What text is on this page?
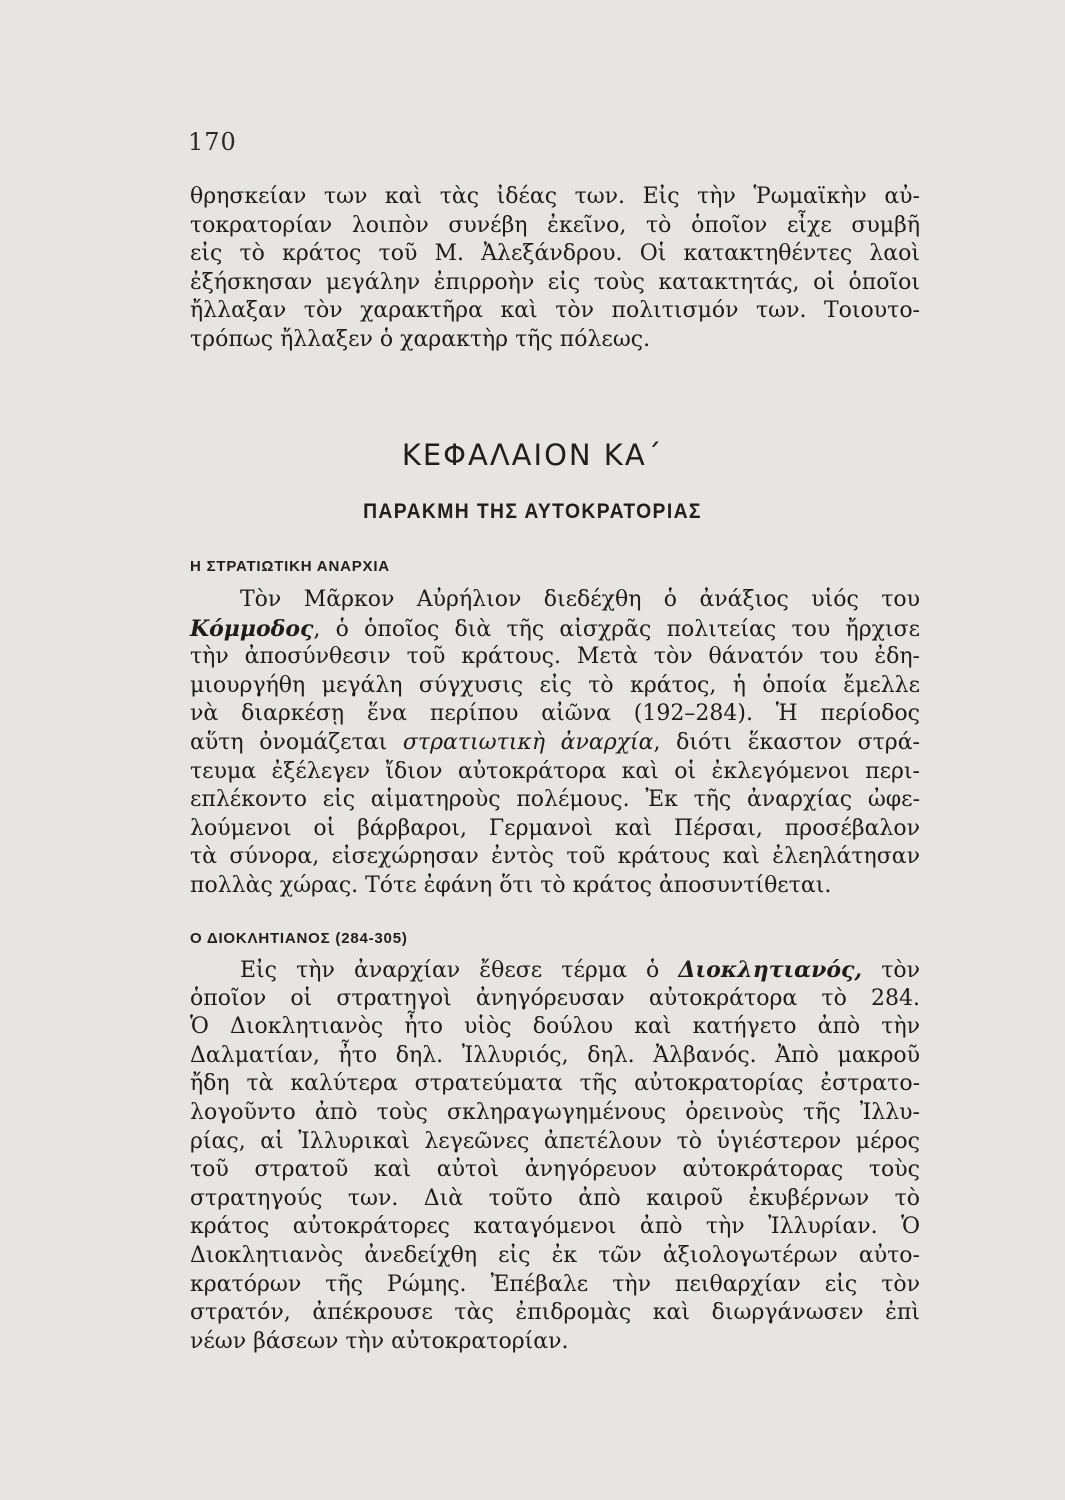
170
θρησκείαν των καὶ τὰς ἰδέας των. Εἰς τὴν Ῥωμαϊκὴν αὐ-
τοκρατορίαν λοιπὸν συνέβη ἐκεῖνο, τὸ ὁποῖον εἶχε συμβῆ
εἰς τὸ κράτος τοῦ Μ. Ἀλεξάνδρου. Οἱ κατακτηθέντες λαοὶ
ἐξήσκησαν μεγάλην ἐπιρροὴν εἰς τοὺς κατακτητάς, οἱ ὁποῖοι
ἤλλαξαν τὸν χαρακτῆρα καὶ τὸν πολιτισμόν των. Τοιουτο-
τρόπως ἤλλαξεν ὁ χαρακτὴρ τῆς πόλεως.
ΚΕΦΑΛΑΙΟΝ ΚΑ΄
ΠΑΡΑΚΜΗ ΤΗΣ ΑΥΤΟΚΡΑΤΟΡΙΑΣ
Η ΣΤΡΑΤΙΩΤΙΚΗ ΑΝΑΡΧΙΑ
Τὸν Μᾶρκον Αὐρήλιον διεδέχθη ὁ ἀνάξιος υἱός του
Κόμμοδος, ὁ ὁποῖος διὰ τῆς αἰσχρᾶς πολιτείας του ἤρχισε
τὴν ἀποσύνθεσιν τοῦ κράτους. Μετὰ τὸν θάνατόν του ἐδη-
μιουργήθη μεγάλη σύγχυσις εἰς τὸ κράτος, ἡ ὁποία ἔμελλε
νὰ διαρκέσῃ ἕνα περίπου αἰῶνα (192–284). Ἡ περίοδος
αὕτη ὀνομάζεται στρατιωτικὴ ἀναρχία, διότι ἕκαστον στρά-
τευμα ἐξέλεγεν ἴδιον αὐτοκράτορα καὶ οἱ ἐκλεγόμενοι περι-
επλέκοντο εἰς αἱματηροὺς πολέμους. Ἐκ τῆς ἀναρχίας ὠφε-
λούμενοι οἱ βάρβαροι, Γερμανοὶ καὶ Πέρσαι, προσέβαλον
τὰ σύνορα, εἰσεχώρησαν ἐντὸς τοῦ κράτους καὶ ἐλεηλάτησαν
πολλὰς χώρας. Τότε ἐφάνη ὅτι τὸ κράτος ἀποσυντίθεται.
Ο ΔΙΟΚΛΗΤΙΑΝΟΣ (284-305)
Εἰς τὴν ἀναρχίαν ἔθεσε τέρμα ὁ Διοκλητιανός, τὸν
ὁποῖον οἱ στρατηγοὶ ἀνηγόρευσαν αὐτοκράτορα τὸ 284.
Ὁ Διοκλητιανὸς ἦτο υἱὸς δούλου καὶ κατήγετο ἀπὸ τὴν
Δαλματίαν, ἦτο δηλ. Ἰλλυριός, δηλ. Ἀλβανός. Ἀπὸ μακροῦ
ἤδη τὰ καλύτερα στρατεύματα τῆς αὐτοκρατορίας ἐστρατο-
λογοῦντο ἀπὸ τοὺς σκληραγωγημένους ὀρεινοὺς τῆς Ἰλλυ-
ρίας, αἱ Ἰλλυρικαὶ λεγεῶνες ἀπετέλουν τὸ ὑγιέστερον μέρος
τοῦ στρατοῦ καὶ αὐτοὶ ἀνηγόρευον αὐτοκράτορας τοὺς
στρατηγούς των. Διὰ τοῦτο ἀπὸ καιροῦ ἐκυβέρνων τὸ
κράτος αὐτοκράτορες καταγόμενοι ἀπὸ τὴν Ἰλλυρίαν. Ὁ
Διοκλητιανὸς ἀνεδείχθη εἰς ἐκ τῶν ἀξιολογωτέρων αὐτο-
κρατόρων τῆς Ρώμης. Ἐπέβαλε τὴν πειθαρχίαν εἰς τὸν
στρατόν, ἀπέκρουσε τὰς ἐπιδρομὰς καὶ διωργάνωσεν ἐπὶ
νέων βάσεων τὴν αὐτοκρατορίαν.
